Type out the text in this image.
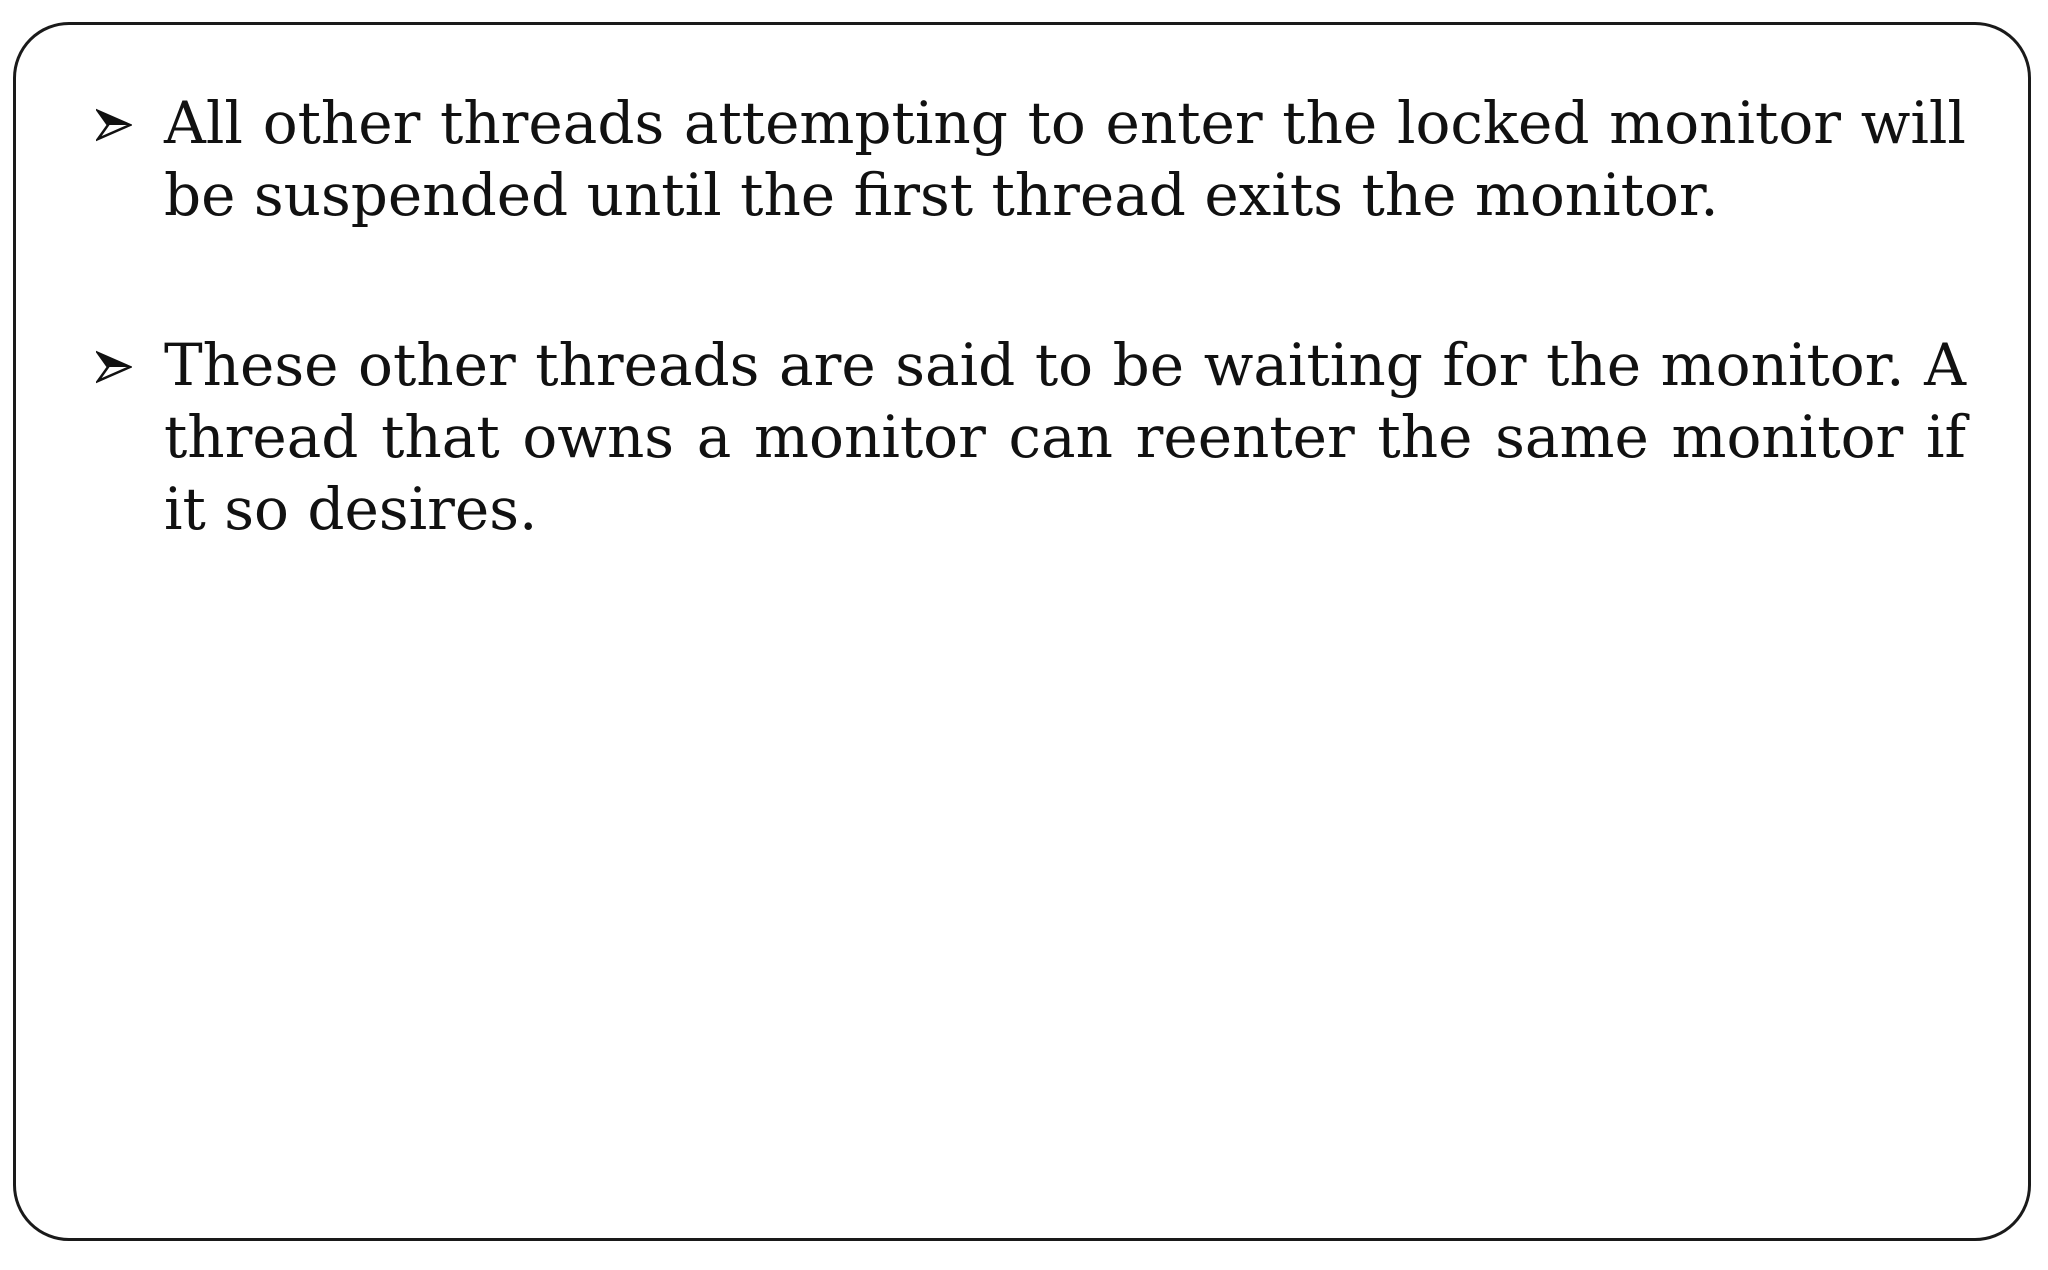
All other threads attempting to enter the locked monitor will be suspended until the first thread exits the monitor.

These other threads are said to be waiting for the monitor. A thread that owns a monitor can reenter the same monitor if it so desires.
